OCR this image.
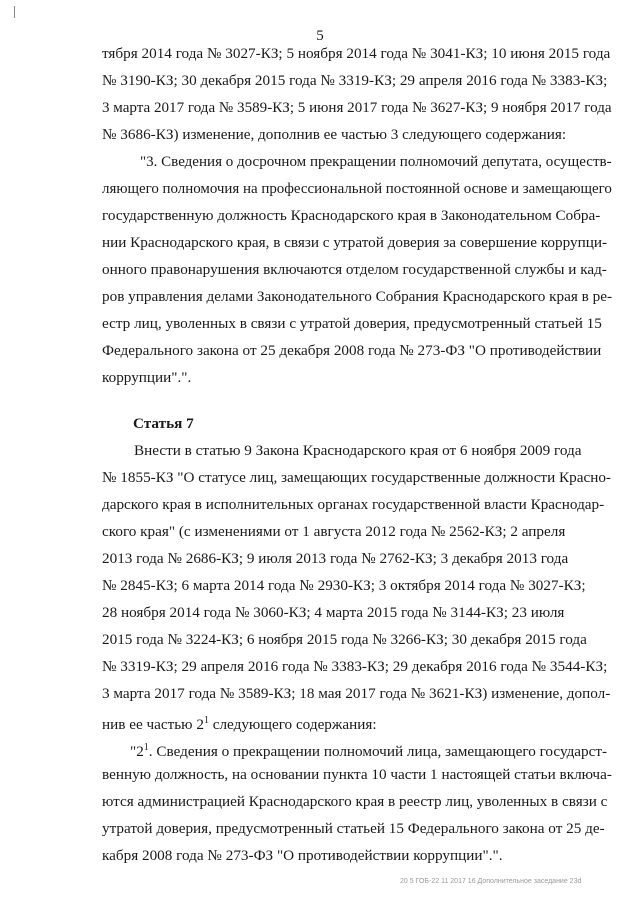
5
тября 2014 года № 3027-КЗ; 5 ноября 2014 года № 3041-КЗ; 10 июня 2015 года
№ 3190-КЗ; 30 декабря 2015 года № 3319-КЗ; 29 апреля 2016 года № 3383-КЗ;
3 марта 2017 года № 3589-КЗ; 5 июня 2017 года № 3627-КЗ; 9 ноября 2017 года
№ 3686-КЗ) изменение, дополнив ее частью 3 следующего содержания:
"3. Сведения о досрочном прекращении полномочий депутата, осуществ-
ляющего полномочия на профессиональной постоянной основе и замещающего
государственную должность Краснодарского края в Законодательном Собра-
нии Краснодарского края, в связи с утратой доверия за совершение коррупци-
онного правонарушения включаются отделом государственной службы и кад-
ров управления делами Законодательного Собрания Краснодарского края в ре-
естр лиц, уволенных в связи с утратой доверия, предусмотренный статьей 15
Федерального закона от 25 декабря 2008 года № 273-ФЗ "О противодействии
коррупции".".
Статья 7
Внести в статью 9 Закона Краснодарского края от 6 ноября 2009 года
№ 1855-КЗ "О статусе лиц, замещающих государственные должности Красно-
дарского края в исполнительных органах государственной власти Краснодар-
ского края" (с изменениями от 1 августа 2012 года № 2562-КЗ; 2 апреля
2013 года № 2686-КЗ; 9 июля 2013 года № 2762-КЗ; 3 декабря 2013 года
№ 2845-КЗ; 6 марта 2014 года № 2930-КЗ; 3 октября 2014 года № 3027-КЗ;
28 ноября 2014 года № 3060-КЗ; 4 марта 2015 года № 3144-КЗ; 23 июля
2015 года № 3224-КЗ; 6 ноября 2015 года № 3266-КЗ; 30 декабря 2015 года
№ 3319-КЗ; 29 апреля 2016 года № 3383-КЗ; 29 декабря 2016 года № 3544-КЗ;
3 марта 2017 года № 3589-КЗ; 18 мая 2017 года № 3621-КЗ) изменение, допол-
нив ее частью $2^1$ следующего содержания:
"$2^1$. Сведения о прекращении полномочий лица, замещающего государст-
венную должность, на основании пункта 10 части 1 настоящей статьи включа-
ются администрацией Краснодарского края в реестр лиц, уволенных в связи с
утратой доверия, предусмотренный статьей 15 Федерального закона от 25 де-
кабря 2008 года № 273-ФЗ "О противодействии коррупции".".
20 5 ГОБ-22 11 2017 16 Дополнительное заседание 23d
